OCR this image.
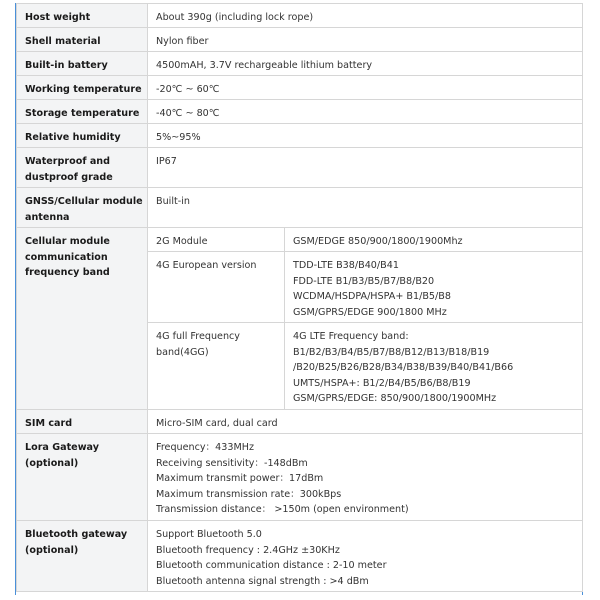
Host weight	About 390g (including lock rope)	

Shell material	Nylon fiber	

Built-in battery	4500mAH, 3.7V rechargeable lithium battery	

Working temperature	-20℃ ~ 60℃	

Storage temperature	-40℃ ~ 80℃	

Relative humidity	5%~95%	

Waterproof and
dustproof grade	IP67	

GNSS/Cellular module
antenna	Built-in	

Cellular module
communication
frequency band	2G Module	GSM/EDGE 850/900/1800/1900Mhz

	4G European version	TDD-LTE B38/B40/B41
FDD-LTE B1/B3/B5/B7/B8/B20
WCDMA/HSDPA/HSPA+ B1/B5/B8
GSM/GPRS/EDGE 900/1800 MHz

	4G full Frequency
band(4GG)	4G LTE Frequency band:
B1/B2/B3/B4/B5/B7/B8/B12/B13/B18/B19
/B20/B25/B26/B28/B34/B38/B39/B40/B41/B66
UMTS/HSPA+: B1/2/B4/B5/B6/B8/B19
GSM/GPRS/EDGE: 850/900/1800/1900MHz

SIM card	Micro-SIM card, dual card	

Lora Gateway
(optional)	Frequency：433MHz
Receiving sensitivity：-148dBm
Maximum transmit power：17dBm
Maximum transmission rate：300kBps
Transmission distance： >150m (open environment)	

Bluetooth gateway
(optional)	Support Bluetooth 5.0
Bluetooth frequency : 2.4GHz ±30KHz
Bluetooth communication distance : 2-10 meter
Bluetooth antenna signal strength : >4 dBm	
